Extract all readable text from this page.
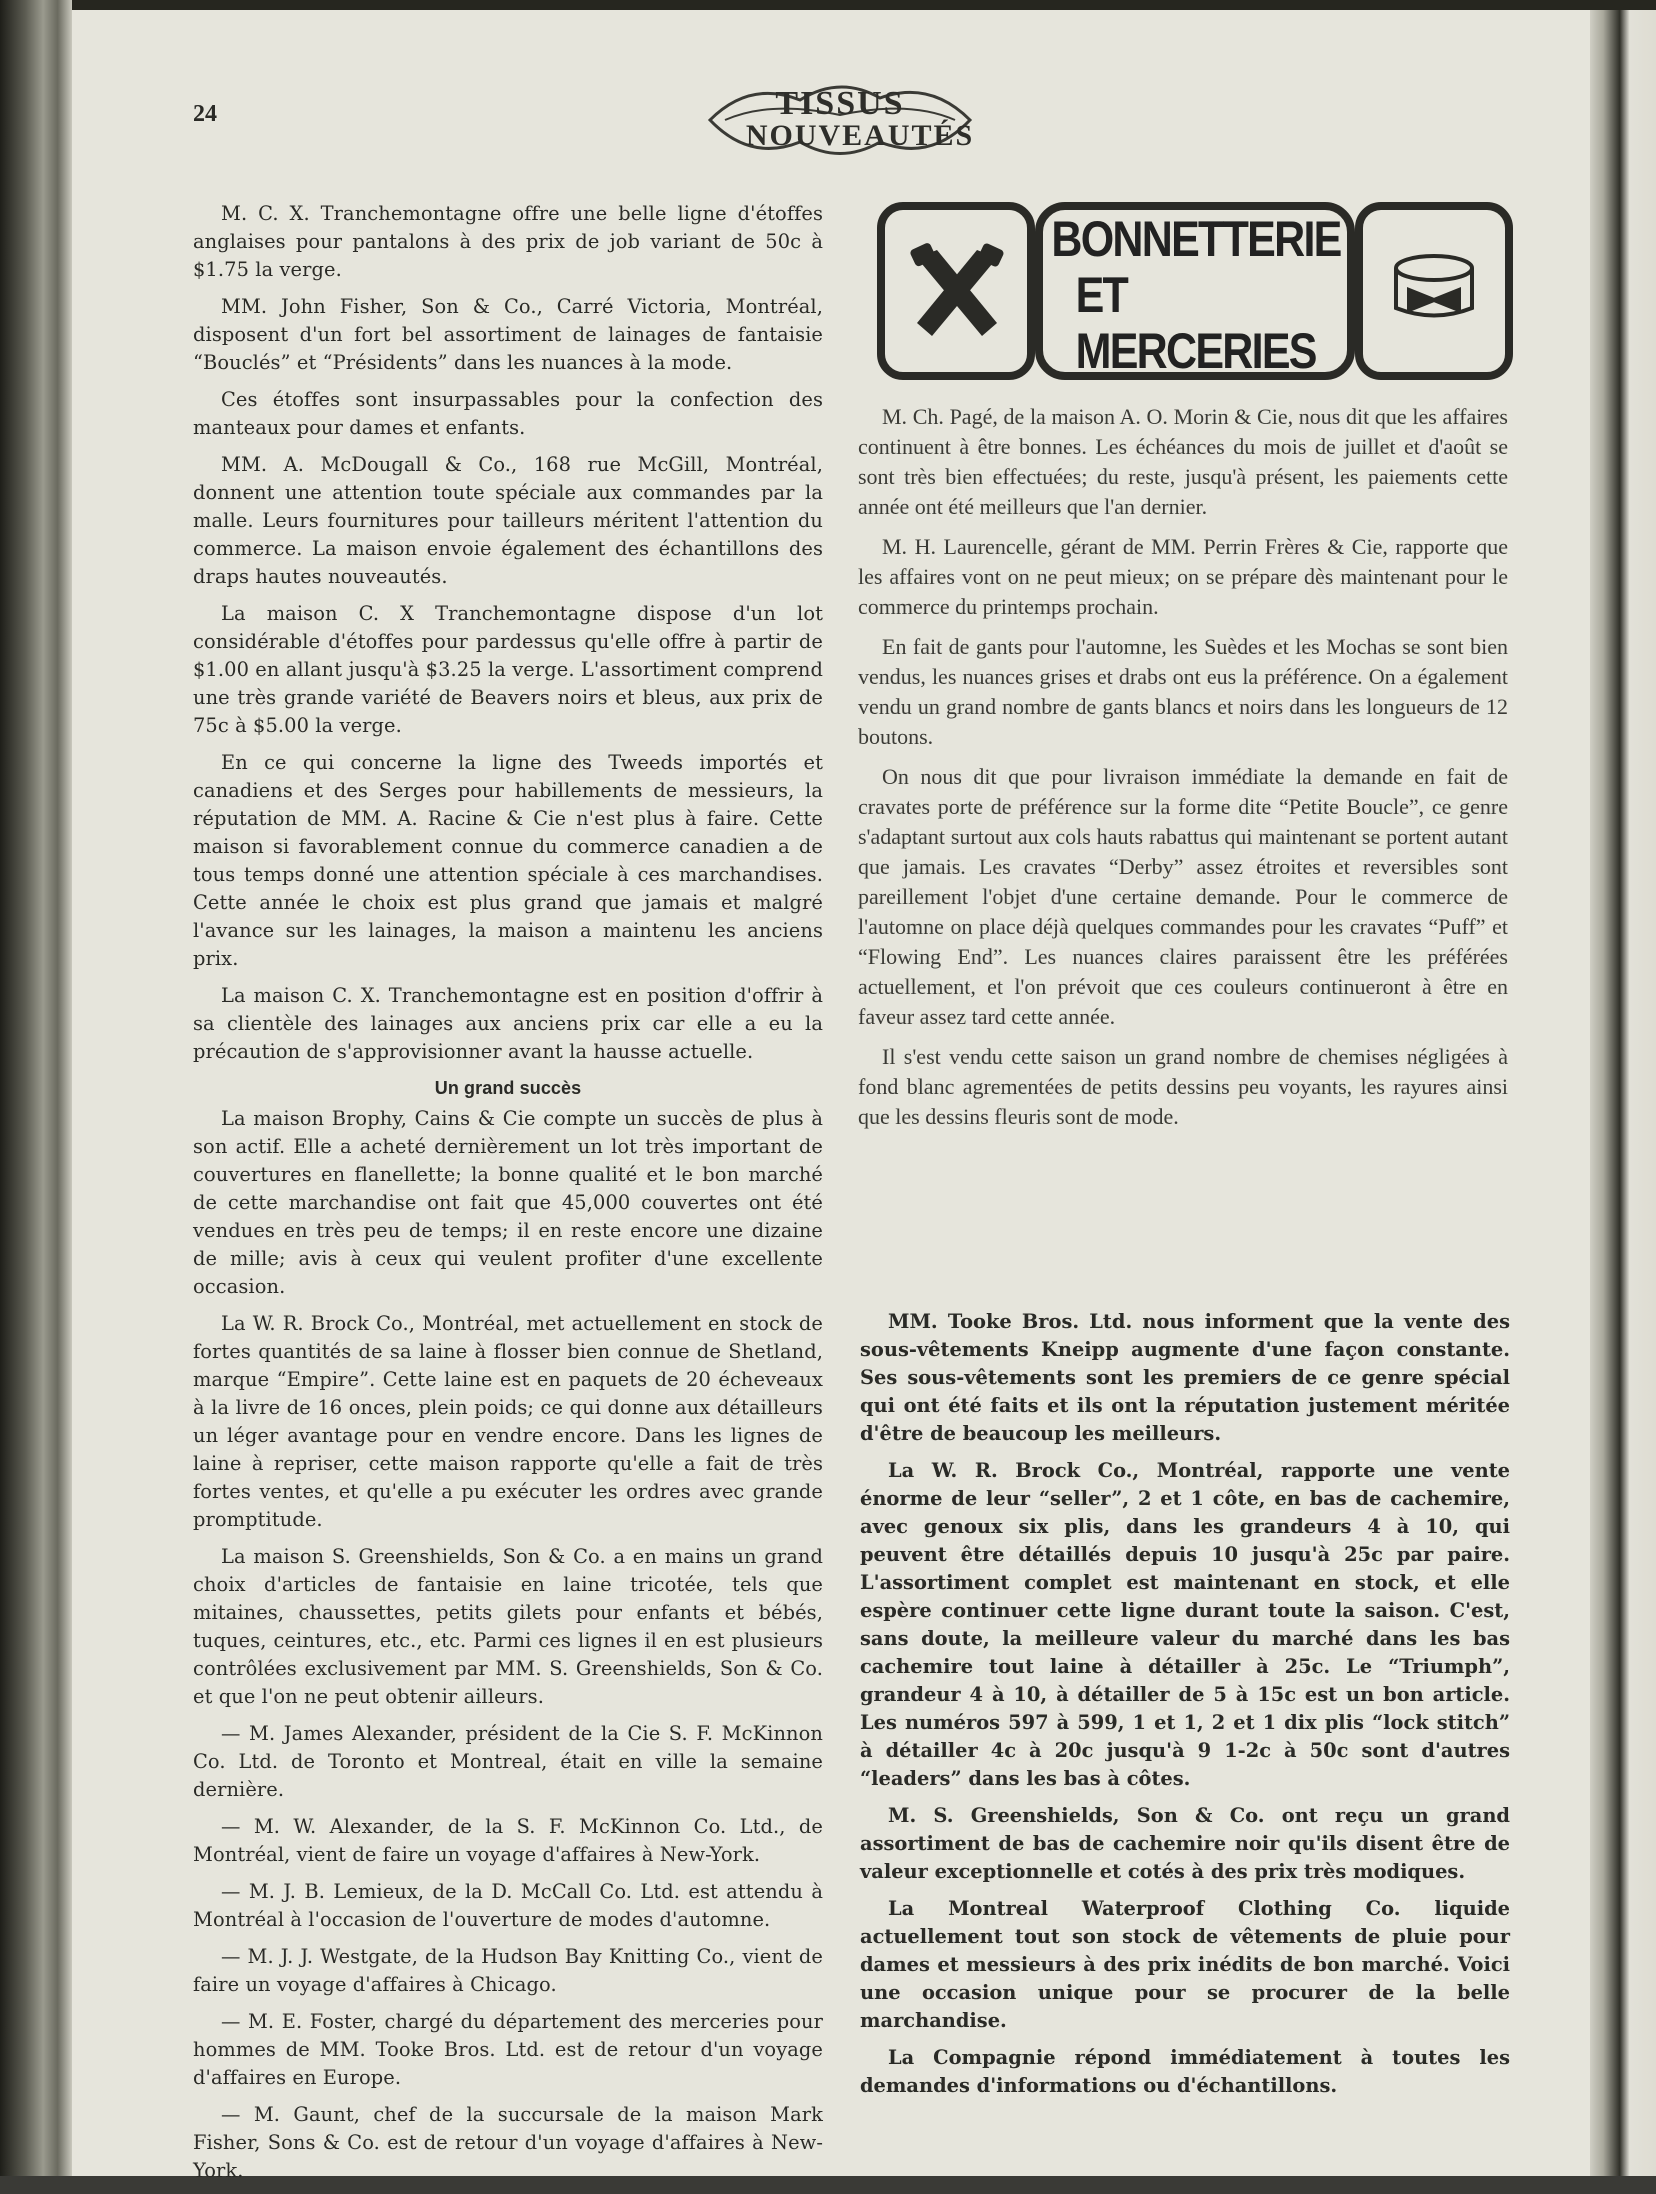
24	TISSUS
NOUVEAUTÉS

M. C. X. Tranchemontagne offre une belle ligne d'étoffes anglaises pour pantalons à des prix de job variant de 50c à $1.75 la verge.

MM. John Fisher, Son & Co., Carré Victoria, Montréal, disposent d'un fort bel assortiment de lainages de fantaisie “Bouclés” et “Présidents” dans les nuances à la mode.

Ces étoffes sont insurpassables pour la confection des manteaux pour dames et enfants.

MM. A. McDougall & Co., 168 rue McGill, Montréal, donnent une attention toute spéciale aux commandes par la malle. Leurs fournitures pour tailleurs méritent l'attention du commerce. La maison envoie également des échantillons des draps hautes nouveautés.

La maison C. X Tranchemontagne dispose d'un lot considérable d'étoffes pour pardessus qu'elle offre à partir de $1.00 en allant jusqu'à $3.25 la verge. L'assortiment comprend une très grande variété de Beavers noirs et bleus, aux prix de 75c à $5.00 la verge.

En ce qui concerne la ligne des Tweeds importés et canadiens et des Serges pour habillements de messieurs, la réputation de MM. A. Racine & Cie n'est plus à faire. Cette maison si favorablement connue du commerce canadien a de tous temps donné une attention spéciale à ces marchandises. Cette année le choix est plus grand que jamais et malgré l'avance sur les lainages, la maison a maintenu les anciens prix.

La maison C. X. Tranchemontagne est en position d'offrir à sa clientèle des lainages aux anciens prix car elle a eu la précaution de s'approvisionner avant la hausse actuelle.

Un grand succès

La maison Brophy, Cains & Cie compte un succès de plus à son actif. Elle a acheté dernièrement un lot très important de couvertures en flanellette; la bonne qualité et le bon marché de cette marchandise ont fait que 45,000 couvertes ont été vendues en très peu de temps; il en reste encore une dizaine de mille; avis à ceux qui veulent profiter d'une excellente occasion.

La W. R. Brock Co., Montréal, met actuellement en stock de fortes quantités de sa laine à flosser bien connue de Shetland, marque “Empire”. Cette laine est en paquets de 20 écheveaux à la livre de 16 onces, plein poids; ce qui donne aux détailleurs un léger avantage pour en vendre encore. Dans les lignes de laine à repriser, cette maison rapporte qu'elle a fait de très fortes ventes, et qu'elle a pu exécuter les ordres avec grande promptitude.

La maison S. Greenshields, Son & Co. a en mains un grand choix d'articles de fantaisie en laine tricotée, tels que mitaines, chaussettes, petits gilets pour enfants et bébés, tuques, ceintures, etc., etc. Parmi ces lignes il en est plusieurs contrôlées exclusivement par MM. S. Greenshields, Son & Co. et que l'on ne peut obtenir ailleurs.

— M. James Alexander, président de la Cie S. F. McKinnon Co. Ltd. de Toronto et Montreal, était en ville la semaine dernière.

— M. W. Alexander, de la S. F. McKinnon Co. Ltd., de Montréal, vient de faire un voyage d'affaires à New-York.

— M. J. B. Lemieux, de la D. McCall Co. Ltd. est attendu à Montréal à l'occasion de l'ouverture de modes d'automne.

— M. J. J. Westgate, de la Hudson Bay Knitting Co., vient de faire un voyage d'affaires à Chicago.

— M. E. Foster, chargé du département des merceries pour hommes de MM. Tooke Bros. Ltd. est de retour d'un voyage d'affaires en Europe.

— M. Gaunt, chef de la succursale de la maison Mark Fisher, Sons & Co. est de retour d'un voyage d'affaires à New-York.

BONNETTERIE
ET MERCERIES

M. Ch. Pagé, de la maison A. O. Morin & Cie, nous dit que les affaires continuent à être bonnes. Les échéances du mois de juillet et d'août se sont très bien effectuées; du reste, jusqu'à présent, les paiements cette année ont été meilleurs que l'an dernier.

M. H. Laurencelle, gérant de MM. Perrin Frères & Cie, rapporte que les affaires vont on ne peut mieux; on se prépare dès maintenant pour le commerce du printemps prochain.

En fait de gants pour l'automne, les Suèdes et les Mochas se sont bien vendus, les nuances grises et drabs ont eus la préférence. On a également vendu un grand nombre de gants blancs et noirs dans les longueurs de 12 boutons.

On nous dit que pour livraison immédiate la demande en fait de cravates porte de préférence sur la forme dite “Petite Boucle”, ce genre s'adaptant surtout aux cols hauts rabattus qui maintenant se portent autant que jamais. Les cravates “Derby” assez étroites et reversibles sont pareillement l'objet d'une certaine demande. Pour le commerce de l'automne on place déjà quelques commandes pour les cravates “Puff” et “Flowing End”. Les nuances claires paraissent être les préférées actuellement, et l'on prévoit que ces couleurs continueront à être en faveur assez tard cette année.

Il s'est vendu cette saison un grand nombre de chemises négligées à fond blanc agrementées de petits dessins peu voyants, les rayures ainsi que les dessins fleuris sont de mode.

MM. Tooke Bros. Ltd. nous informent que la vente des sous-vêtements Kneipp augmente d'une façon constante. Ses sous-vêtements sont les premiers de ce genre spécial qui ont été faits et ils ont la réputation justement méritée d'être de beaucoup les meilleurs.

La W. R. Brock Co., Montréal, rapporte une vente énorme de leur “seller”, 2 et 1 côte, en bas de cachemire, avec genoux six plis, dans les grandeurs 4 à 10, qui peuvent être détaillés depuis 10 jusqu'à 25c par paire. L'assortiment complet est maintenant en stock, et elle espère continuer cette ligne durant toute la saison. C'est, sans doute, la meilleure valeur du marché dans les bas cachemire tout laine à détailler à 25c. Le “Triumph”, grandeur 4 à 10, à détailler de 5 à 15c est un bon article. Les numéros 597 à 599, 1 et 1, 2 et 1 dix plis “lock stitch” à détailler 4c à 20c jusqu'à 9 1-2c à 50c sont d'autres “leaders” dans les bas à côtes.

M. S. Greenshields, Son & Co. ont reçu un grand assortiment de bas de cachemire noir qu'ils disent être de valeur exceptionnelle et cotés à des prix très modiques.

La Montreal Waterproof Clothing Co. liquide actuellement tout son stock de vêtements de pluie pour dames et messieurs à des prix inédits de bon marché. Voici une occasion unique pour se procurer de la belle marchandise.

La Compagnie répond immédiatement à toutes les demandes d'informations ou d'échantillons.
